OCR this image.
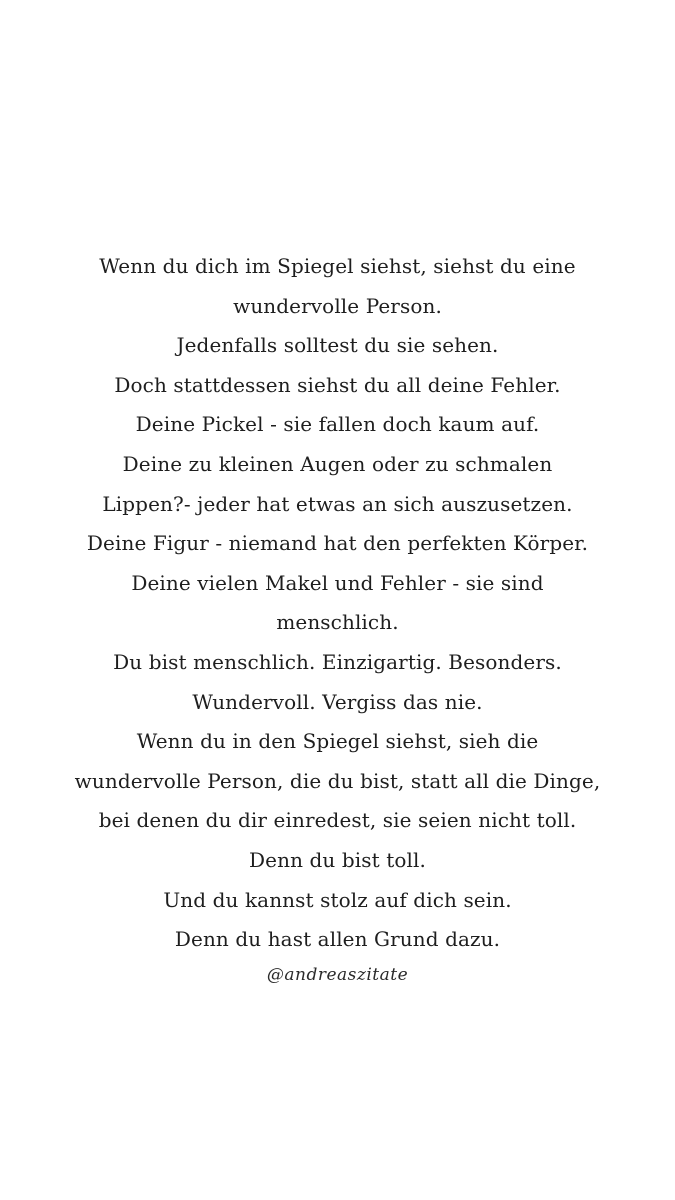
Wenn du dich im Spiegel siehst, siehst du eine
wundervolle Person.
Jedenfalls solltest du sie sehen.
Doch stattdessen siehst du all deine Fehler.
Deine Pickel - sie fallen doch kaum auf.
Deine zu kleinen Augen oder zu schmalen
Lippen?- jeder hat etwas an sich auszusetzen.
Deine Figur - niemand hat den perfekten Körper.
Deine vielen Makel und Fehler - sie sind
menschlich.
Du bist menschlich. Einzigartig. Besonders.
Wundervoll. Vergiss das nie.
Wenn du in den Spiegel siehst, sieh die
wundervolle Person, die du bist, statt all die Dinge,
bei denen du dir einredest, sie seien nicht toll.
Denn du bist toll.
Und du kannst stolz auf dich sein.
Denn du hast allen Grund dazu.
@andreaszitate
